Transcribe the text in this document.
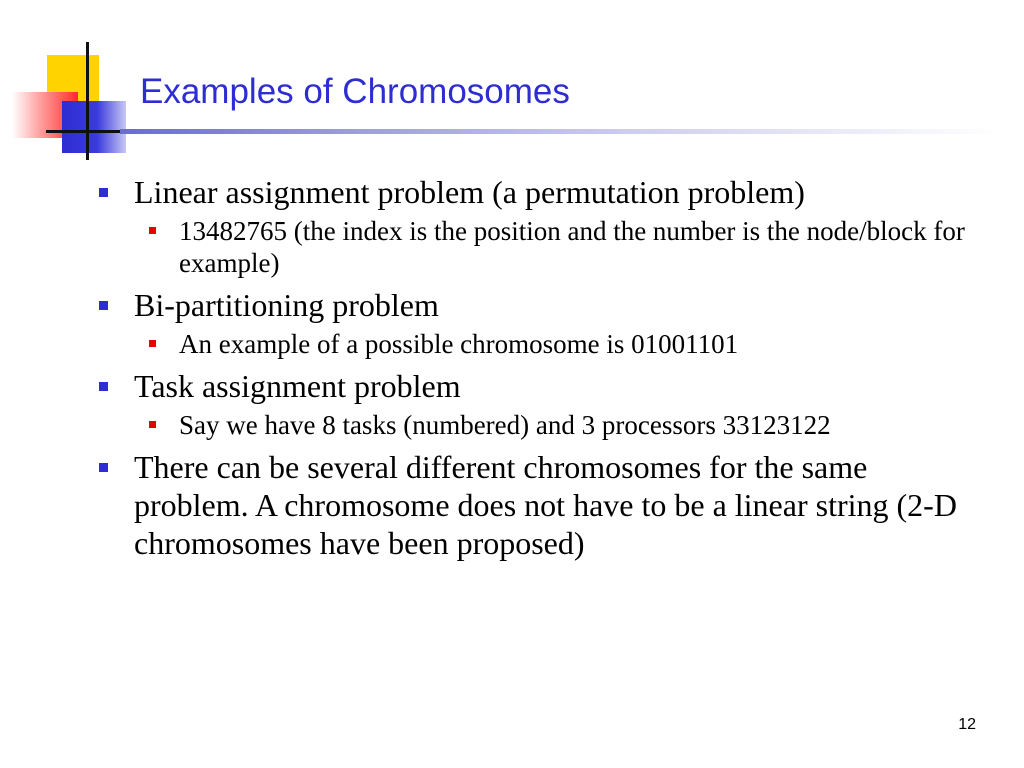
Examples of Chromosomes
Linear assignment problem (a permutation problem)
13482765 (the index is the position and the number is the node/block for example)
Bi-partitioning problem
An example of a possible chromosome is 01001101
Task assignment problem
Say we have 8 tasks (numbered) and 3 processors 33123122
There can be several different chromosomes for the same problem. A chromosome does not have to be a linear string (2-D chromosomes have been proposed)
12
